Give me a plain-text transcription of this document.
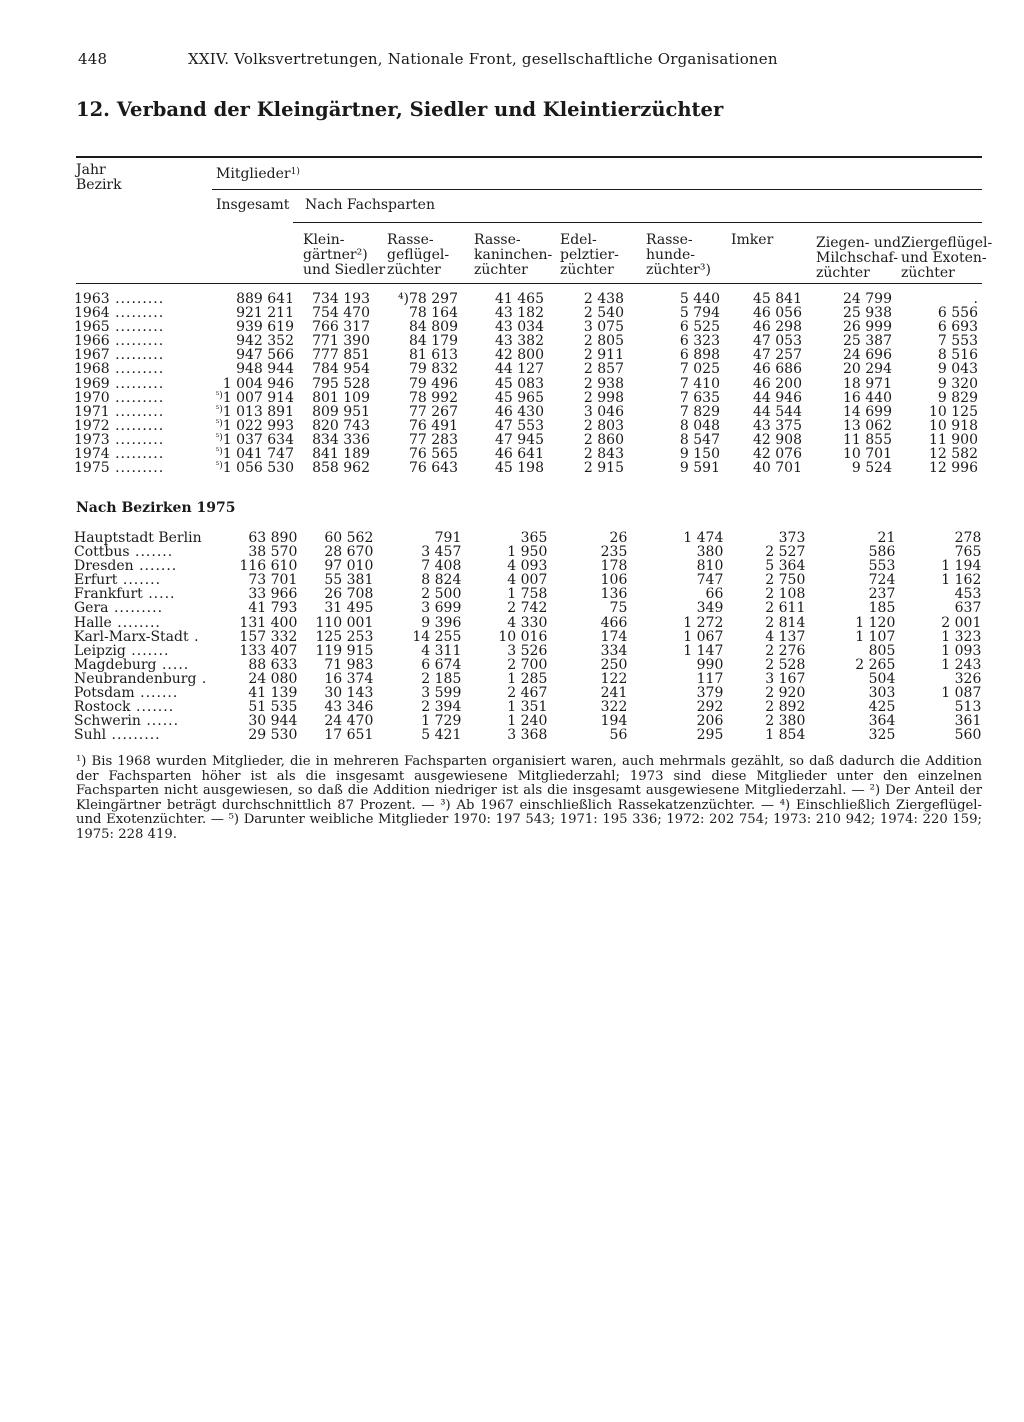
448	XXIV. Volksvertretungen, Nationale Front, gesellschaftliche Organisationen
12. Verband der Kleingärtner, Siedler und Kleintierzüchter
Jahr
Bezirk
Mitglieder$^{1)}$
Insgesamt Nach Fachsparten
Klein-
gärtner²)
und Siedler
Rasse-
geflügel-
züchter
Rasse-
kaninchen-
züchter
Edel-
pelztier-
züchter
Rasse-
hunde-
züchter³)
Imker	Ziegen- und
Milchschaf-
züchter
Ziergeflügel-
und Exoten-
züchter
1963 .........	889 641	734 193	⁴)78 297	41 465	2 438	5 440	45 841	24 799	.
1964 .........	921 211	754 470	78 164	43 182	2 540	5 794	46 056	25 938	6 556
1965 .........	939 619	766 317	84 809	43 034	3 075	6 525	46 298	26 999	6 693
1966 .........	942 352	771 390	84 179	43 382	2 805	6 323	47 053	25 387	7 553
1967 .........	947 566	777 851	81 613	42 800	2 911	6 898	47 257	24 696	8 516
1968 .........	948 944	784 954	79 832	44 127	2 857	7 025	46 686	20 294	9 043
1969 .........	1 004 946	795 528	79 496	45 083	2 938	7 410	46 200	18 971	9 320
1970 .........	$^{^5)}$1 007 914	801 109	78 992	45 965	2 998	7 635	44 946	16 440	9 829
1971 .........	$^{^5)}$1 013 891	809 951	77 267	46 430	3 046	7 829	44 544	14 699	10 125
1972 .........	$^{^5)}$1 022 993	820 743	76 491	47 553	2 803	8 048	43 375	13 062	10 918
1973 .........	$^{^5)}$1 037 634	834 336	77 283	47 945	2 860	8 547	42 908	11 855	11 900
1974 .........	$^{^5)}$1 041 747	841 189	76 565	46 641	2 843	9 150	42 076	10 701	12 582
1975 .........	$^{^5)}$1 056 530	858 962	76 643	45 198	2 915	9 591	40 701	9 524	12 996
Nach Bezirken 1975
Hauptstadt Berlin	63 890	60 562	791	365	26	1 474	373	21	278
Cottbus .......	38 570	28 670	3 457	1 950	235	380	2 527	586	765
Dresden .......	116 610	97 010	7 408	4 093	178	810	5 364	553	1 194
Erfurt .......	73 701	55 381	8 824	4 007	106	747	2 750	724	1 162
Frankfurt .....	33 966	26 708	2 500	1 758	136	66	2 108	237	453
Gera .........	41 793	31 495	3 699	2 742	75	349	2 611	185	637
Halle ........	131 400	110 001	9 396	4 330	466	1 272	2 814	1 120	2 001
Karl-Marx-Stadt .	157 332	125 253	14 255	10 016	174	1 067	4 137	1 107	1 323
Leipzig .......	133 407	119 915	4 311	3 526	334	1 147	2 276	805	1 093
Magdeburg .....	88 633	71 983	6 674	2 700	250	990	2 528	2 265	1 243
Neubrandenburg .	24 080	16 374	2 185	1 285	122	117	3 167	504	326
Potsdam .......	41 139	30 143	3 599	2 467	241	379	2 920	303	1 087
Rostock .......	51 535	43 346	2 394	1 351	322	292	2 892	425	513
Schwerin ......	30 944	24 470	1 729	1 240	194	206	2 380	364	361
Suhl .........	29 530	17 651	5 421	3 368	56	295	1 854	325	560

¹) Bis 1968 wurden Mitglieder, die in mehreren Fachsparten organisiert waren, auch mehrmals gezählt, so daß dadurch die Addition der Fachsparten höher ist als die insgesamt ausgewiesene Mitgliederzahl; 1973 sind diese Mitglieder unter den einzelnen Fachsparten nicht ausgewiesen, so daß die Addition niedriger ist als die insgesamt ausgewiesene Mitgliederzahl. — ²) Der Anteil der Kleingärtner beträgt durchschnittlich 87 Prozent. — ³) Ab 1967 einschließlich Rassekatzenzüchter. — ⁴) Einschließlich Ziergeflügel- und Exotenzüchter. — ⁵) Darunter weibliche Mitglieder 1970: 197 543; 1971: 195 336; 1972: 202 754; 1973: 210 942; 1974: 220 159; 1975: 228 419.
